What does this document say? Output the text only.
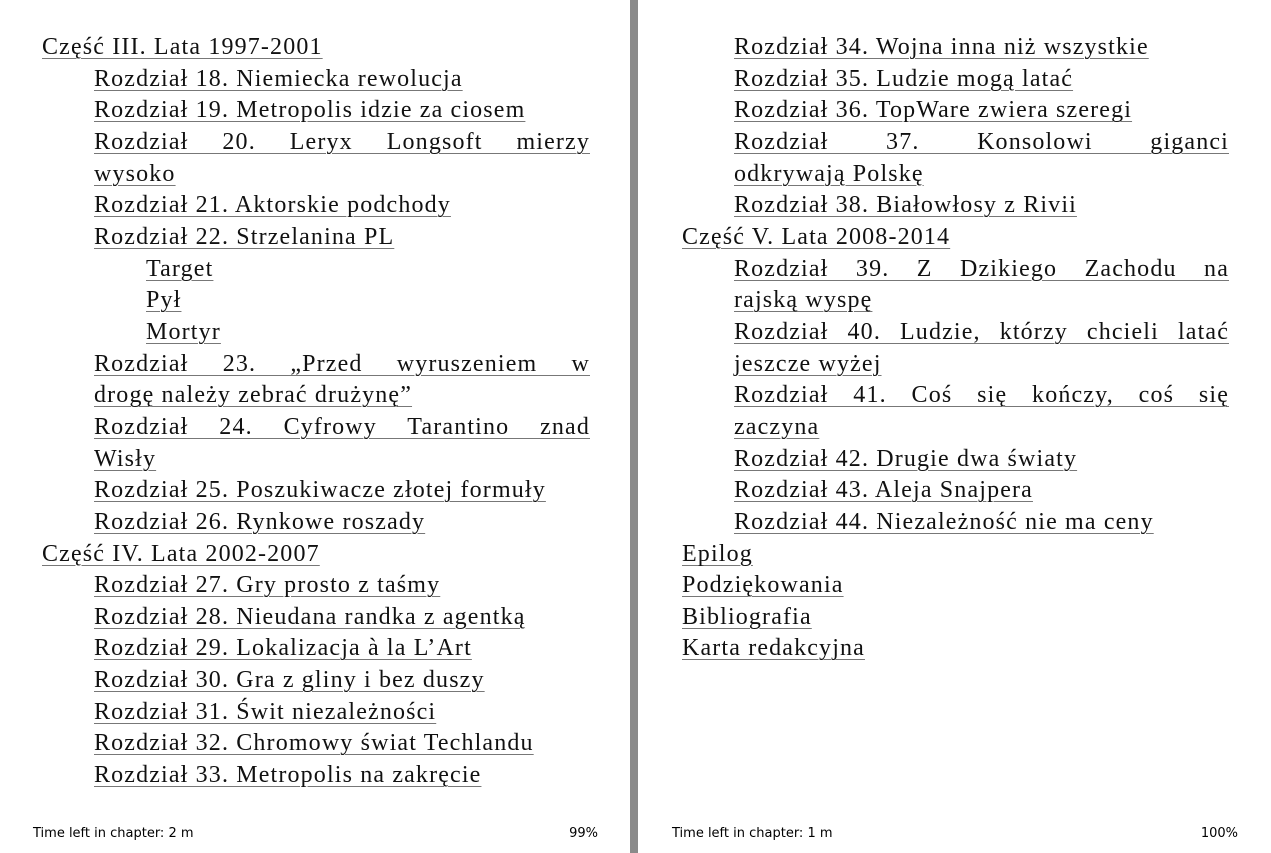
Część III. Lata 1997-2001
Rozdział 18. Niemiecka rewolucja
Rozdział 19. Metropolis idzie za ciosem
Rozdział 20. Leryx Longsoft mierzy
wysoko
Rozdział 21. Aktorskie podchody
Rozdział 22. Strzelanina PL
Target
Pył
Mortyr
Rozdział 23. „Przed wyruszeniem w
drogę należy zebrać drużynę”
Rozdział 24. Cyfrowy Tarantino znad
Wisły
Rozdział 25. Poszukiwacze złotej formuły
Rozdział 26. Rynkowe roszady
Część IV. Lata 2002-2007
Rozdział 27. Gry prosto z taśmy
Rozdział 28. Nieudana randka z agentką
Rozdział 29. Lokalizacja à la L’Art
Rozdział 30. Gra z gliny i bez duszy
Rozdział 31. Świt niezależności
Rozdział 32. Chromowy świat Techlandu
Rozdział 33. Metropolis na zakręcie
Time left in chapter: 2 m	99%
Rozdział 34. Wojna inna niż wszystkie
Rozdział 35. Ludzie mogą latać
Rozdział 36. TopWare zwiera szeregi
Rozdział 37. Konsolowi giganci
odkrywają Polskę
Rozdział 38. Białowłosy z Rivii
Część V. Lata 2008-2014
Rozdział 39. Z Dzikiego Zachodu na
rajską wyspę
Rozdział 40. Ludzie, którzy chcieli latać
jeszcze wyżej
Rozdział 41. Coś się kończy, coś się
zaczyna
Rozdział 42. Drugie dwa światy
Rozdział 43. Aleja Snajpera
Rozdział 44. Niezależność nie ma ceny
Epilog
Podziękowania
Bibliografia
Karta redakcyjna
Time left in chapter: 1 m	100%
